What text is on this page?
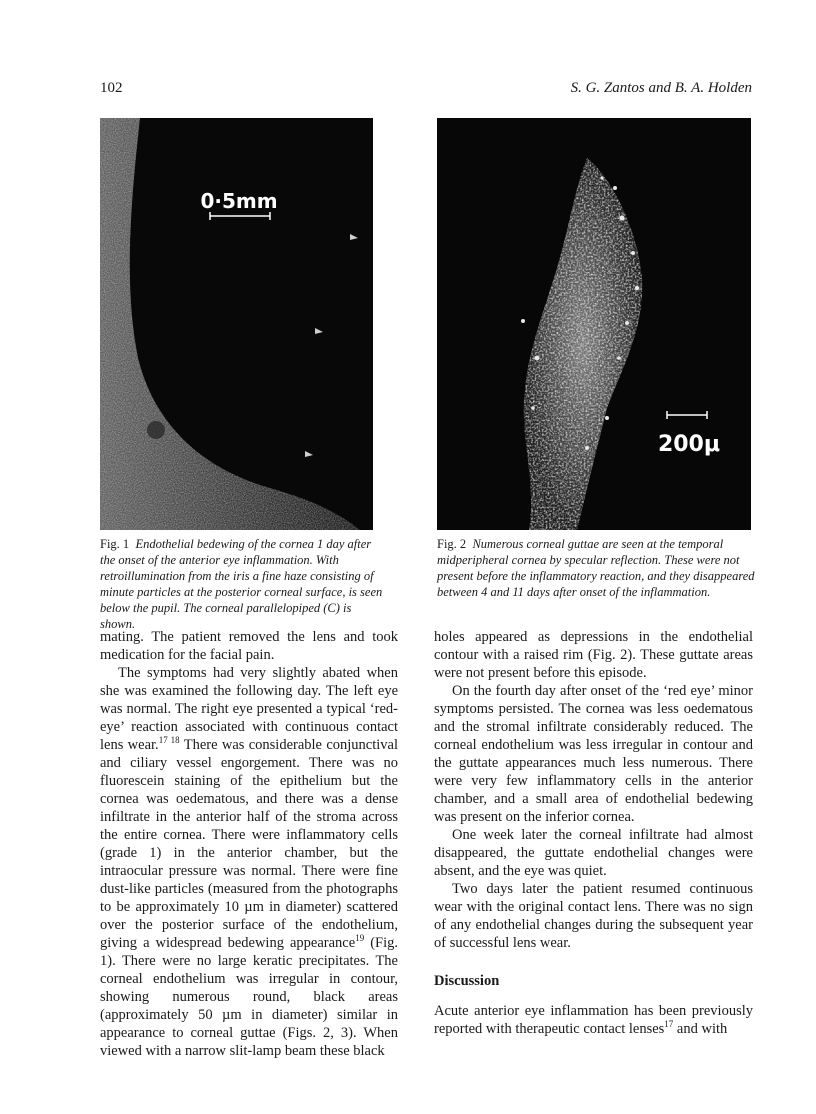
102	S. G. Zantos and B. A. Holden
0·5mm
200μ
Fig. 1 Endothelial bedewing of the cornea 1 day after the onset of the anterior eye inflammation. With retroillumination from the iris a fine haze consisting of minute particles at the posterior corneal surface, is seen below the pupil. The corneal parallelopiped (C) is shown.
Fig. 2 Numerous corneal guttae are seen at the temporal midperipheral cornea by specular reflection. These were not present before the inflammatory reaction, and they disappeared between 4 and 11 days after onset of the inflammation.

mating. The patient removed the lens and took medication for the facial pain.

The symptoms had very slightly abated when she was examined the following day. The left eye was normal. The right eye presented a typical ‘red-eye’ reaction associated with continuous contact lens wear.$^{17 18}$ There was considerable conjunctival and ciliary vessel engorgement. There was no fluorescein staining of the epithelium but the cornea was oedematous, and there was a dense infiltrate in the anterior half of the stroma across the entire cornea. There were inflammatory cells (grade 1) in the anterior chamber, but the intraocular pressure was normal. There were fine dust-like particles (measured from the photographs to be approximately 10 µm in diameter) scattered over the posterior surface of the endothelium, giving a widespread bedewing appearance$^{19}$ (Fig. 1). There were no large keratic precipitates. The corneal endothelium was irregular in contour, showing numerous round, black areas (approximately 50 µm in diameter) similar in appearance to corneal guttae (Figs. 2, 3). When viewed with a narrow slit-lamp beam these black

holes appeared as depressions in the endothelial contour with a raised rim (Fig. 2). These guttate areas were not present before this episode.

On the fourth day after onset of the ‘red eye’ minor symptoms persisted. The cornea was less oedematous and the stromal infiltrate considerably reduced. The corneal endothelium was less irregular in contour and the guttate appearances much less numerous. There were very few inflammatory cells in the anterior chamber, and a small area of endothelial bedewing was present on the inferior cornea.

One week later the corneal infiltrate had almost disappeared, the guttate endothelial changes were absent, and the eye was quiet.

Two days later the patient resumed continuous wear with the original contact lens. There was no sign of any endothelial changes during the subsequent year of successful lens wear.

Discussion

Acute anterior eye inflammation has been previously reported with therapeutic contact lenses$^{17}$ and with
